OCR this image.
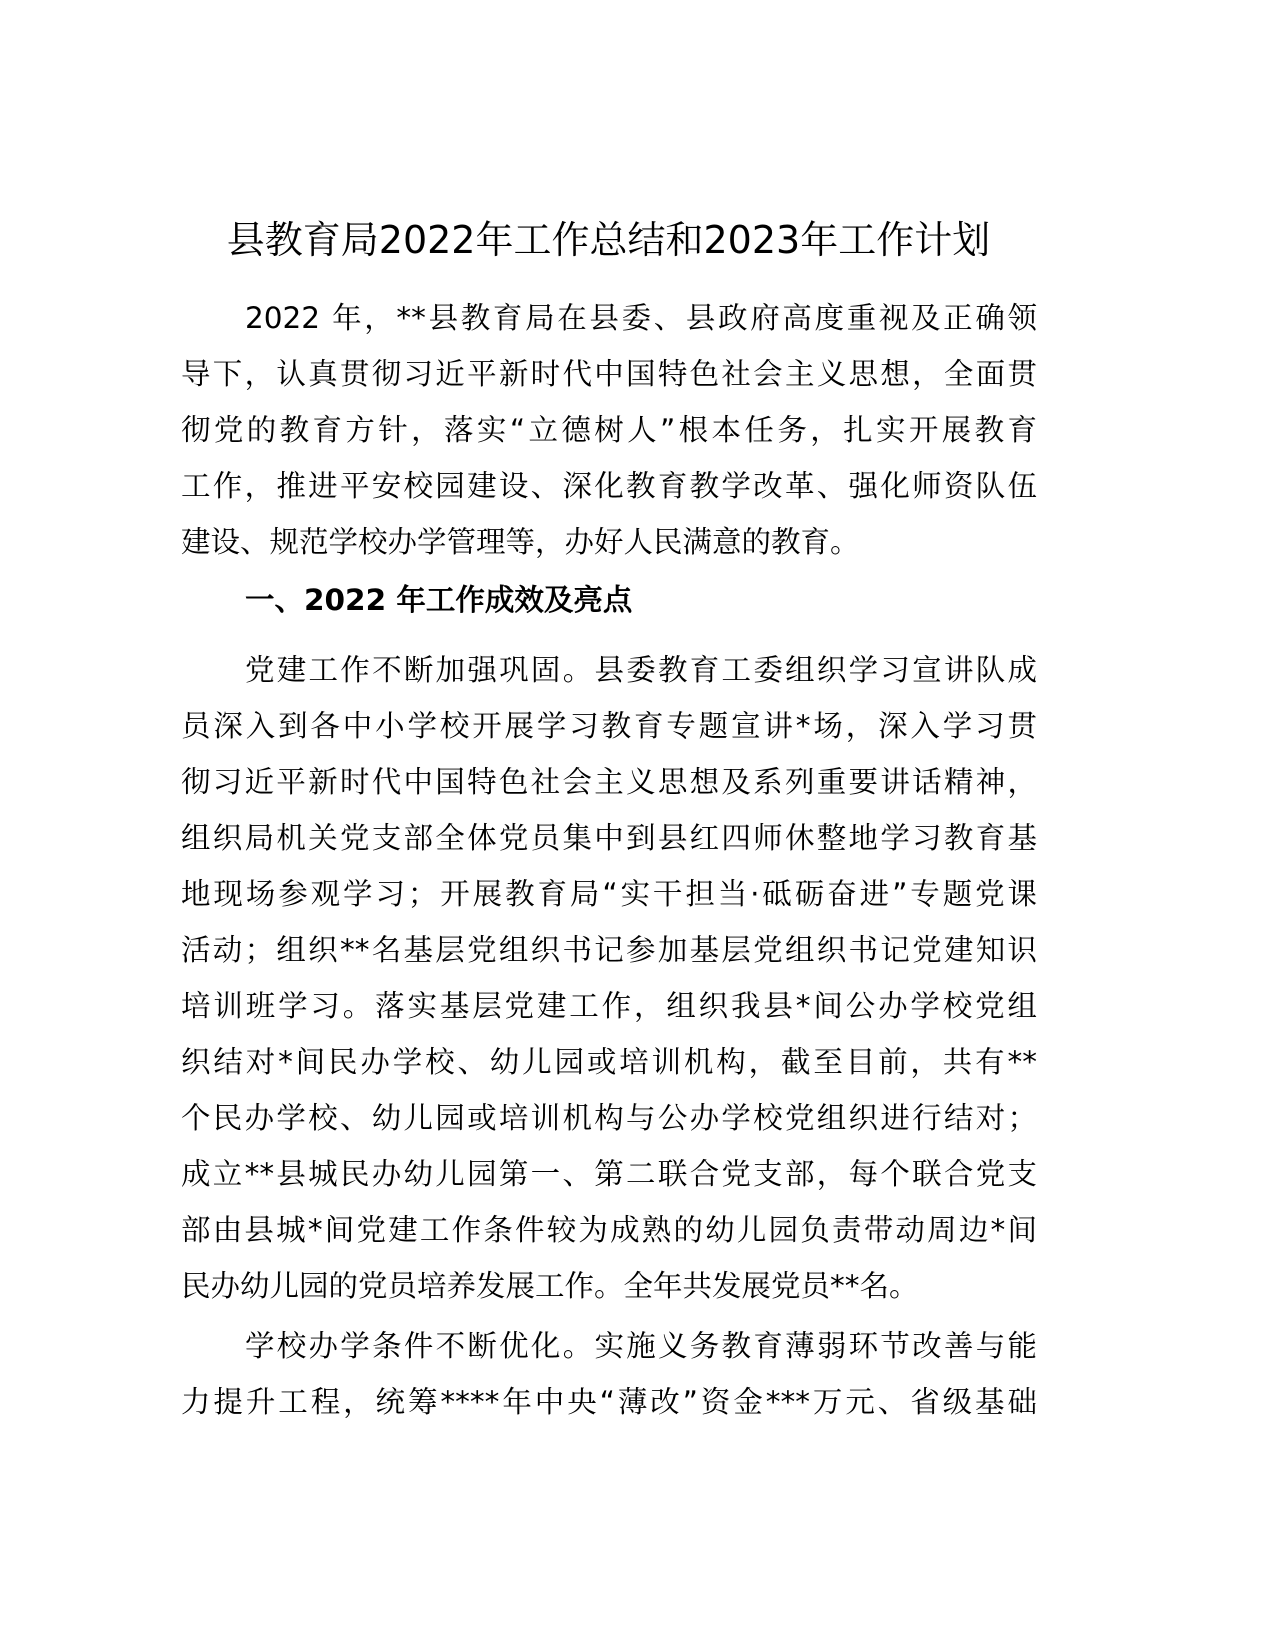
县教育局2022年工作总结和2023年工作计划

2022 年，**县教育局在县委、县政府高度重视及正确领
导下，认真贯彻习近平新时代中国特色社会主义思想，全面贯
彻党的教育方针，落实“立德树人”根本任务，扎实开展教育
工作，推进平安校园建设、深化教育教学改革、强化师资队伍
建设、规范学校办学管理等，办好人民满意的教育。

一、2022 年工作成效及亮点

党建工作不断加强巩固。县委教育工委组织学习宣讲队成
员深入到各中小学校开展学习教育专题宣讲*场，深入学习贯
彻习近平新时代中国特色社会主义思想及系列重要讲话精神，
组织局机关党支部全体党员集中到县红四师休整地学习教育基
地现场参观学习；开展教育局“实干担当·砥砺奋进”专题党课
活动；组织**名基层党组织书记参加基层党组织书记党建知识
培训班学习。落实基层党建工作，组织我县*间公办学校党组
织结对*间民办学校、幼儿园或培训机构，截至目前，共有**
个民办学校、幼儿园或培训机构与公办学校党组织进行结对；
成立**县城民办幼儿园第一、第二联合党支部，每个联合党支
部由县城*间党建工作条件较为成熟的幼儿园负责带动周边*间
民办幼儿园的党员培养发展工作。全年共发展党员**名。

学校办学条件不断优化。实施义务教育薄弱环节改善与能
力提升工程，统筹****年中央“薄改”资金***万元、省级基础
